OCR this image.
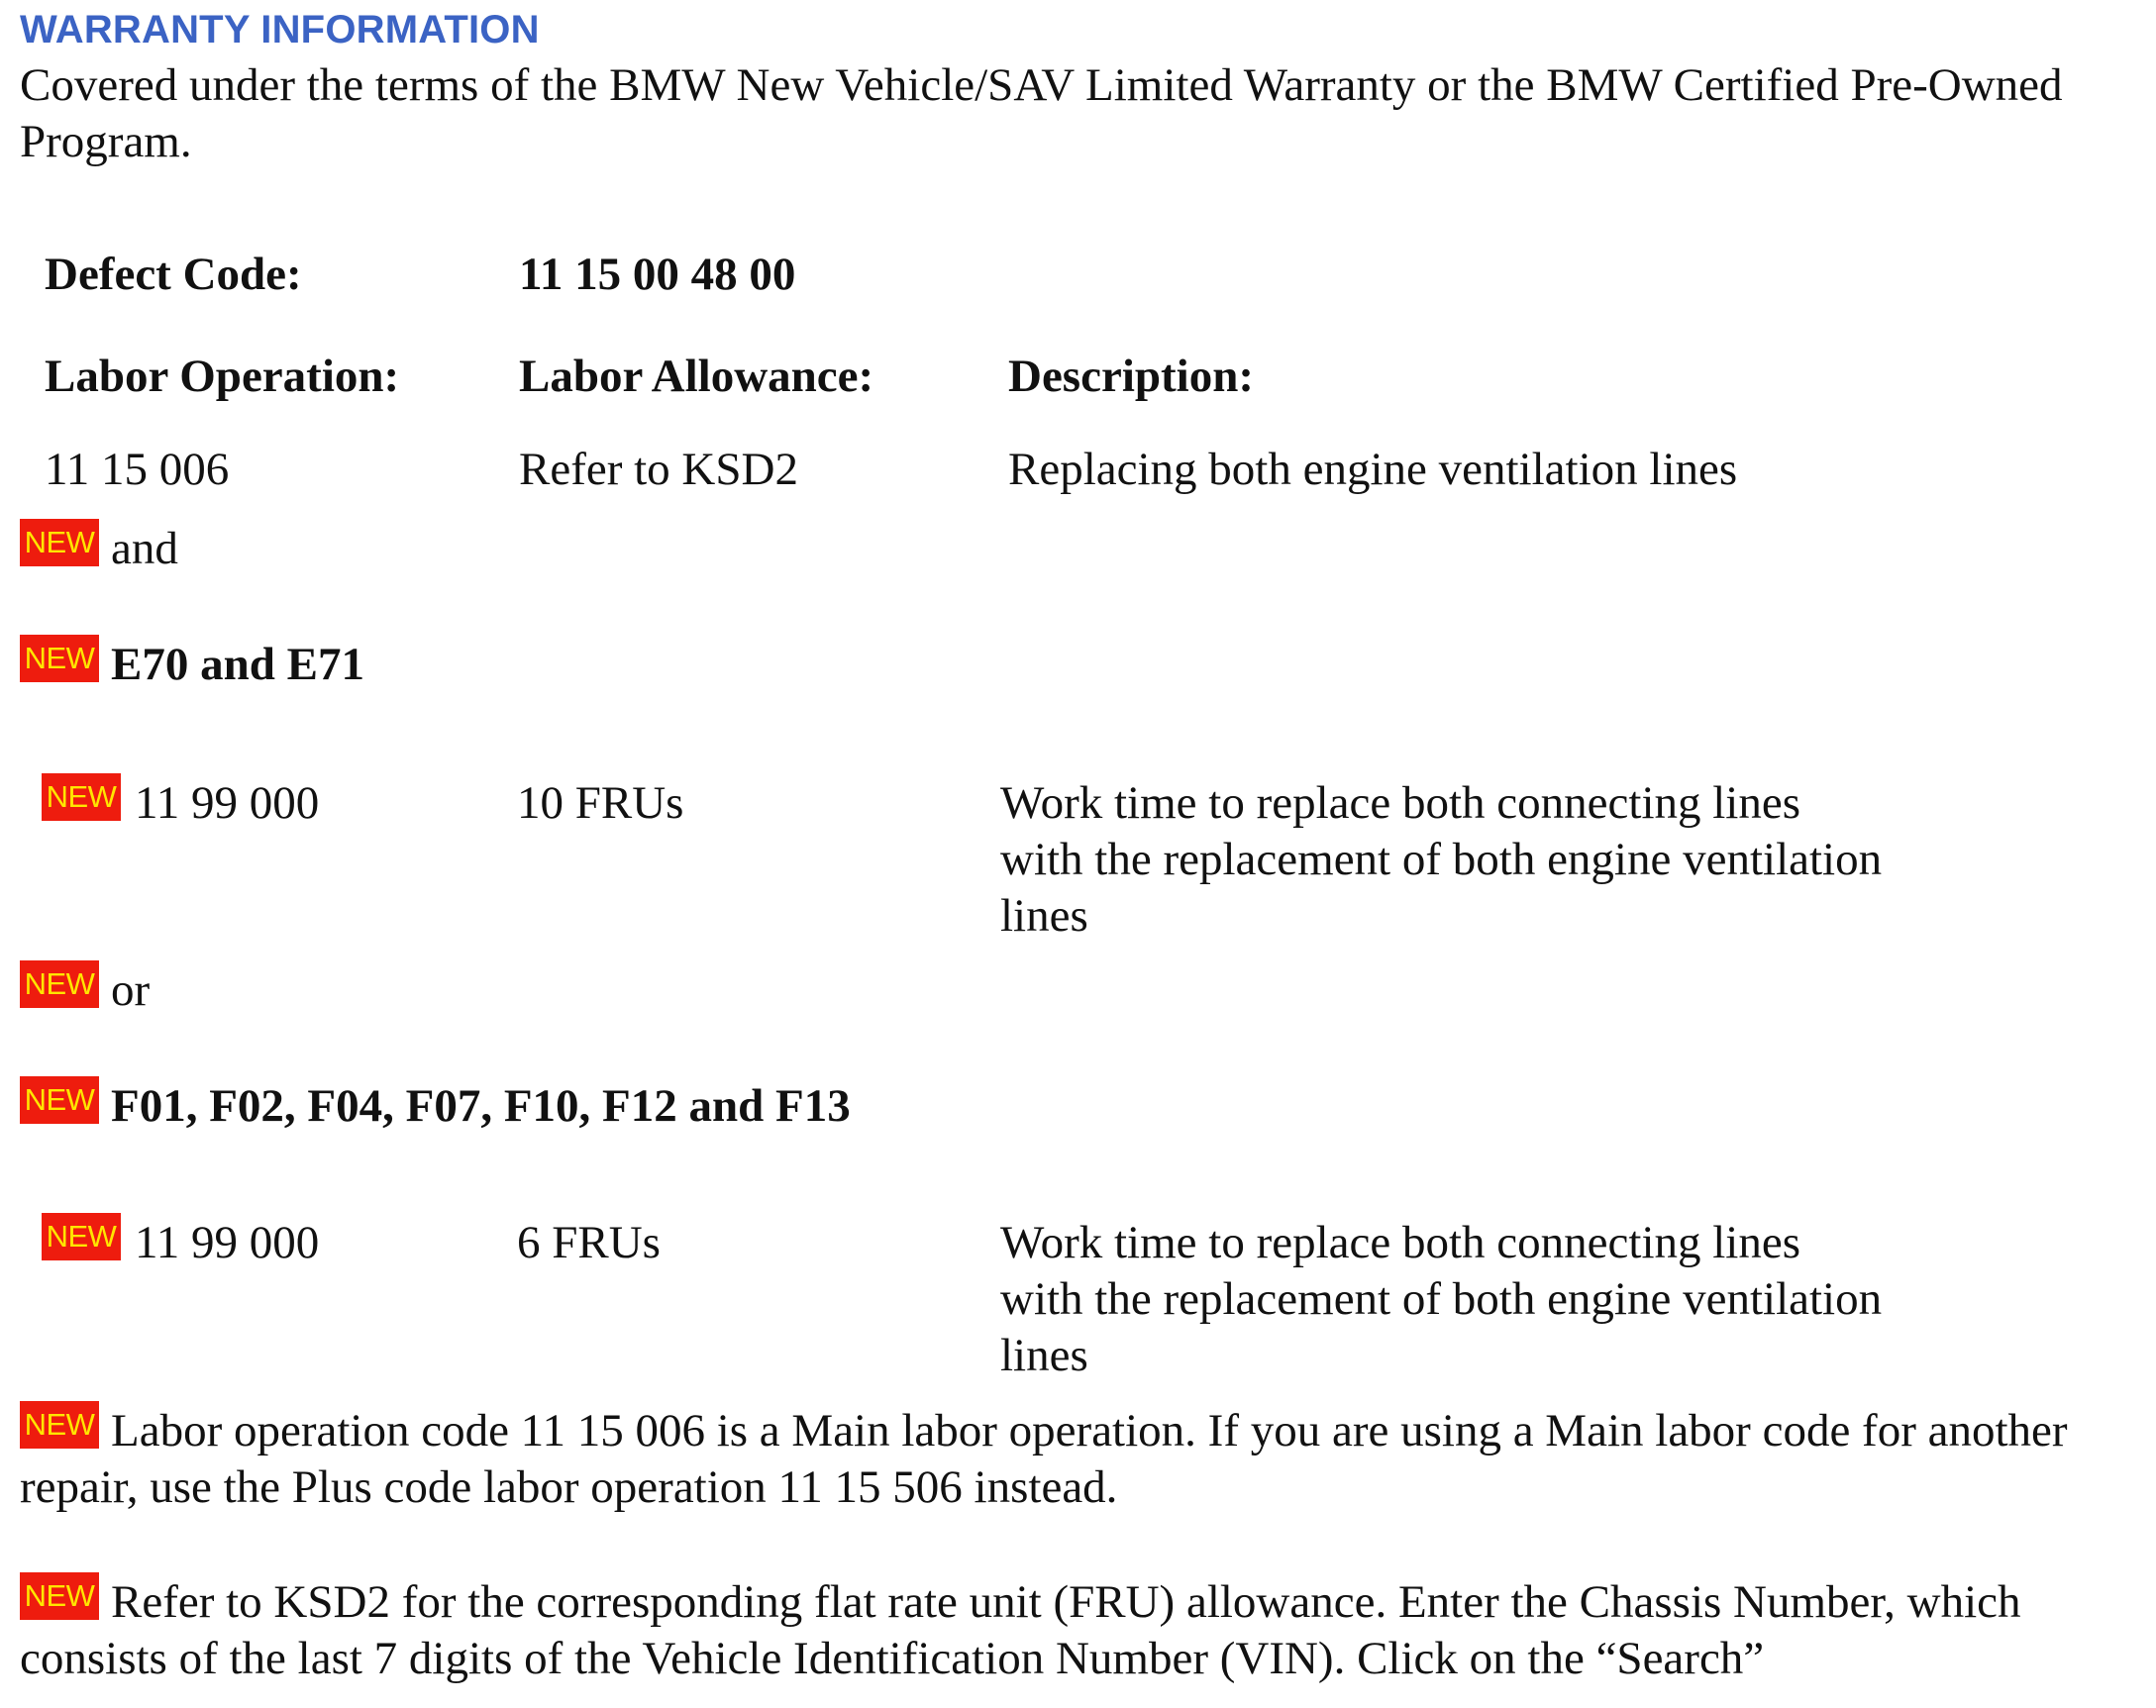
WARRANTY INFORMATION
Covered under the terms of the BMW New Vehicle/SAV Limited Warranty or the BMW Certified Pre-Owned Program.
Defect Code:	11 15 00 48 00
Labor Operation:	Labor Allowance:	Description:
11 15 006	Refer to KSD2	Replacing both engine ventilation lines
NEW and
NEW E70 and E71
NEW 11 99 000	10 FRUs	Work time to replace both connecting lines with the replacement of both engine ventilation lines
NEW or
NEW F01, F02, F04, F07, F10, F12 and F13
NEW 11 99 000	6 FRUs	Work time to replace both connecting lines with the replacement of both engine ventilation lines
NEW Labor operation code 11 15 006 is a Main labor operation. If you are using a Main labor code for another repair, use the Plus code labor operation 11 15 506 instead.
NEW Refer to KSD2 for the corresponding flat rate unit (FRU) allowance. Enter the Chassis Number, which consists of the last 7 digits of the Vehicle Identification Number (VIN). Click on the “Search”
